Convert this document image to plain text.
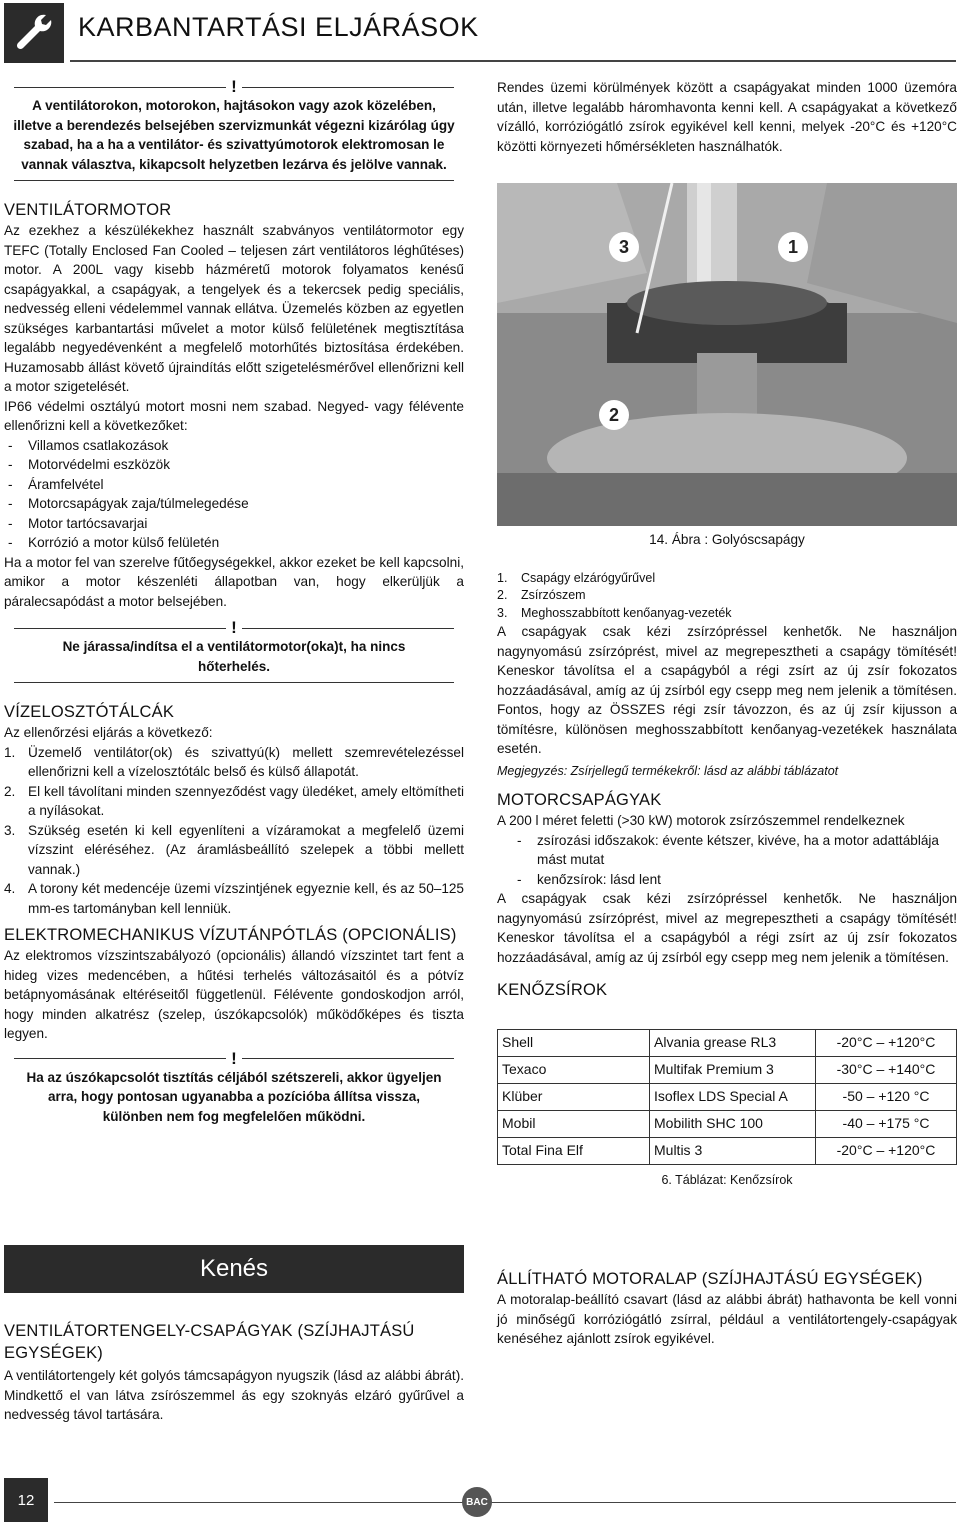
KARBANTARTÁSI ELJÁRÁSOK
!
A ventilátorokon, motorokon, hajtásokon vagy azok közelében, illetve a berendezés belsejében szervizmunkát végezni kizárólag úgy szabad, ha a ha a ventilátor- és szivattyúmotorok elektromosan le vannak választva, kikapcsolt helyzetben lezárva és jelölve vannak.
VENTILÁTORMOTOR
Az ezekhez a készülékekhez használt szabványos ventilátormotor egy TEFC (Totally Enclosed Fan Cooled – teljesen zárt ventilátoros léghűtéses) motor. A 200L vagy kisebb házméretű motorok folyamatos kenésű csapágyakkal, a csapágyak, a tengelyek és a tekercsek pedig speciális, nedvesség elleni védelemmel vannak ellátva. Üzemelés közben az egyetlen szükséges karbantartási művelet a motor külső felületének megtisztítása legalább negyedévenként a megfelelő motorhűtés biztosítása érdekében. Huzamosabb állást követő újraindítás előtt szigetelésmérővel ellenőrizni kell a motor szigetelését.
IP66 védelmi osztályú motort mosni nem szabad. Negyed- vagy félévente ellenőrizni kell a következőket:
- Villamos csatlakozások
- Motorvédelmi eszközök
- Áramfelvétel
- Motorcsapágyak zaja/túlmelegedése
- Motor tartócsavarjai
- Korrózió a motor külső felületén
Ha a motor fel van szerelve fűtőegységekkel, akkor ezeket be kell kapcsolni, amikor a motor készenléti állapotban van, hogy elkerüljük a páralecsapódást a motor belsejében.
!
Ne járassa/indítsa el a ventilátormotor(oka)t, ha nincs hőterhelés.
VÍZELOSZTÓTÁLCÁK
Az ellenőrzési eljárás a következő:
1. Üzemelő ventilátor(ok) és szivattyú(k) mellett szemrevételezéssel ellenőrizni kell a vízelosztótálc belső és külső állapotát.
2. El kell távolítani minden szennyeződést vagy üledéket, amely eltömítheti a nyílásokat.
3. Szükség esetén ki kell egyenlíteni a vízáramokat a megfelelő üzemi vízszint eléréséhez. (Az áramlásbeállító szelepek a többi mellett vannak.)
4. A torony két medencéje üzemi vízszintjének egyeznie kell, és az 50–125 mm-es tartományban kell lenniük.
ELEKTROMECHANIKUS VÍZUTÁNPÓTLÁS (OPCIONÁLIS)
Az elektromos vízszintszabályozó (opcionális) állandó vízszintet tart fent a hideg vizes medencében, a hűtési terhelés változásaitól és a pótvíz betápnyomásának eltéréseitől függetlenül. Félévente gondoskodjon arról, hogy minden alkatrész (szelep, úszókapcsolók) működőképes és tiszta legyen.
!
Ha az úszókapcsolót tisztítás céljából szétszereli, akkor ügyeljen arra, hogy pontosan ugyanabba a pozícióba állítsa vissza, különben nem fog megfelelően működni.
Kenés
VENTILÁTORTENGELY-CSAPÁGYAK (SZÍJHAJTÁSÚ EGYSÉGEK)
A ventilátortengely két golyós támcsapágyon nyugszik (lásd az alábbi ábrát). Mindkettő el van látva zsírószemmel ás egy szoknyás elzáró gyűrűvel a nedvesség távol tartására.
Rendes üzemi körülmények között a csapágyakat minden 1000 üzemóra után, illetve legalább háromhavonta kenni kell. A csapágyakat a következő vízálló, korróziógátló zsírok egyikével kell kenni, melyek -20°C és +120°C közötti környezeti hőmérsékleten használhatók.
3	1
2
14. Ábra : Golyóscsapágy
1. Csapágy elzárógyűrűvel
2. Zsírzószem
3. Meghosszabbított kenőanyag-vezeték
A csapágyak csak kézi zsírzópréssel kenhetők. Ne használjon nagynyomású zsírzóprést, mivel az megrepesztheti a csapágy tömítését! Keneskor távolítsa el a csapágyból a régi zsírt az új zsír fokozatos hozzáadásával, amíg az új zsírból egy csepp meg nem jelenik a tömítésen. Fontos, hogy az ÖSSZES régi zsír távozzon, és az új zsír kijusson a tömítésre, különösen meghosszabbított kenőanyag-vezetékek használata esetén.
Megjegyzés: Zsírjellegű termékekről: lásd az alábbi táblázatot
MOTORCSAPÁGYAK
A 200 l méret feletti (>30 kW) motorok zsírzószemmel rendelkeznek
- zsírozási időszakok: évente kétszer, kivéve, ha a motor adattáblája mást mutat
- kenőzsírok: lásd lent
A csapágyak csak kézi zsírzópréssel kenhetők. Ne használjon nagynyomású zsírzóprést, mivel az megrepesztheti a csapágy tömítését! Keneskor távolítsa el a csapágyból a régi zsírt az új zsír fokozatos hozzáadásával, amíg az új zsírból egy csepp meg nem jelenik a tömítésen.
KENŐZSÍROK
Shell	Alvania grease RL3	-20°C – +120°C
Texaco	Multifak Premium 3	-30°C – +140°C
Klüber	Isoflex LDS Special A	-50 – +120 °C
Mobil	Mobilith SHC 100	-40 – +175 °C
Total Fina Elf	Multis 3	-20°C – +120°C
6. Táblázat: Kenőzsírok
ÁLLÍTHATÓ MOTORALAP (SZÍJHAJTÁSÚ EGYSÉGEK)
A motoralap-beállító csavart (lásd az alábbi ábrát) hathavonta be kell vonni jó minőségű korróziógátló zsírral, például a ventilátortengely-csapágyak kenéséhez ajánlott zsírok egyikével.
12	BAC
